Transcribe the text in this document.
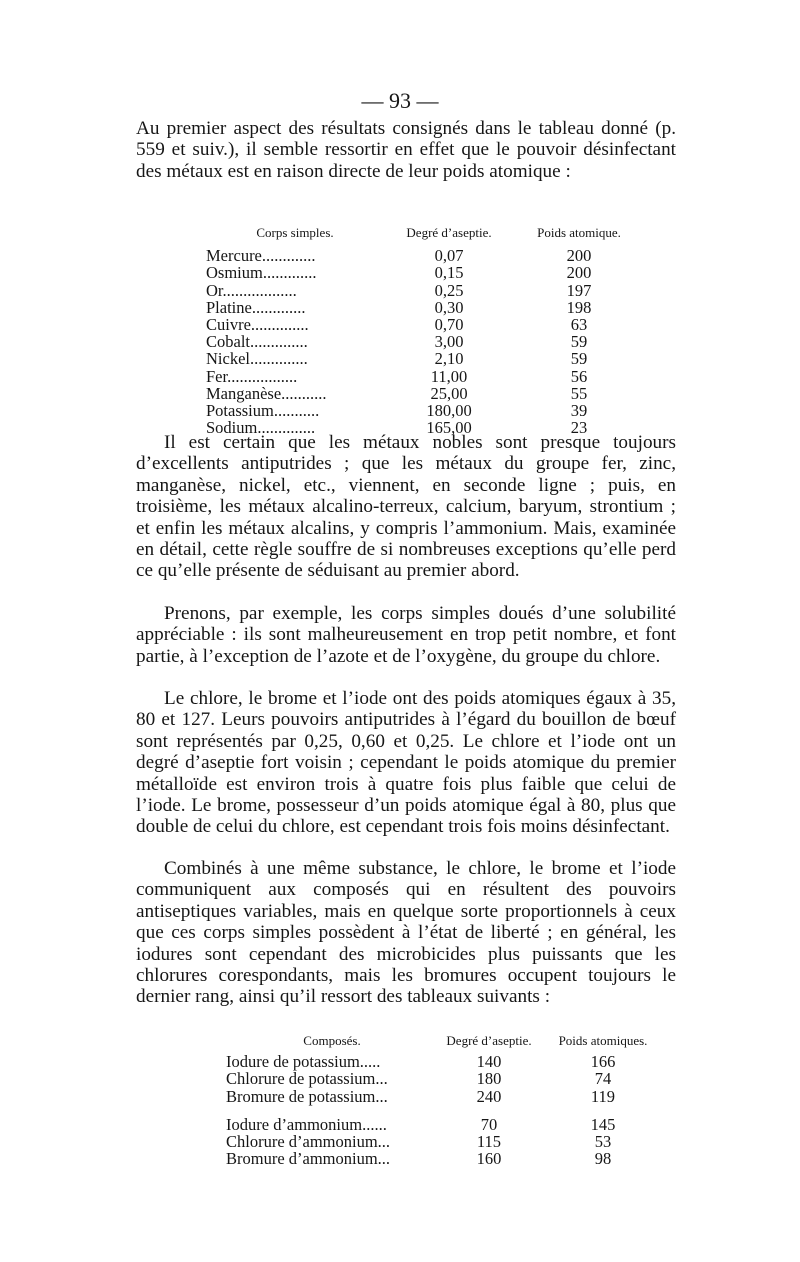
— 93 —

Au premier aspect des résultats consignés dans le tableau donné (p. 559 et suiv.), il semble ressortir en effet que le pouvoir désinfectant des métaux est en raison directe de leur poids atomique :

Corps simples.	Degré d’aseptie.	Poids atomique.
Mercure.............	0,07	200
Osmium.............	0,15	200
Or..................	0,25	197
Platine.............	0,30	198
Cuivre..............	0,70	63
Cobalt..............	3,00	59
Nickel..............	2,10	59
Fer.................	11,00	56
Manganèse...........	25,00	55
Potassium...........	180,00	39
Sodium..............	165,00	23

Il est certain que les métaux nobles sont presque toujours d’excellents antiputrides ; que les métaux du groupe fer, zinc, manganèse, nickel, etc., viennent, en seconde ligne ; puis, en troisième, les métaux alcalino-terreux, calcium, baryum, strontium ; et enfin les métaux alcalins, y compris l’ammonium. Mais, examinée en détail, cette règle souffre de si nombreuses exceptions qu’elle perd ce qu’elle présente de séduisant au premier abord.

Prenons, par exemple, les corps simples doués d’une solubilité appréciable : ils sont malheureusement en trop petit nombre, et font partie, à l’exception de l’azote et de l’oxygène, du groupe du chlore.

Le chlore, le brome et l’iode ont des poids atomiques égaux à 35, 80 et 127. Leurs pouvoirs antiputrides à l’égard du bouillon de bœuf sont représentés par 0,25, 0,60 et 0,25. Le chlore et l’iode ont un degré d’aseptie fort voisin ; cependant le poids atomique du premier métalloïde est environ trois à quatre fois plus faible que celui de l’iode. Le brome, possesseur d’un poids atomique égal à 80, plus que double de celui du chlore, est cependant trois fois moins désinfectant.

Combinés à une même substance, le chlore, le brome et l’iode communiquent aux composés qui en résultent des pouvoirs antiseptiques variables, mais en quelque sorte proportionnels à ceux que ces corps simples possèdent à l’état de liberté ; en général, les iodures sont cependant des microbicides plus puissants que les chlorures corespondants, mais les bromures occupent toujours le dernier rang, ainsi qu’il ressort des tableaux suivants :

Composés.	Degré d’aseptie.	Poids atomiques.
Iodure de potassium.....	140	166
Chlorure de potassium...	180	74
Bromure de potassium...	240	119
Iodure d’ammonium......	70	145
Chlorure d’ammonium...	115	53
Bromure d’ammonium...	160	98
